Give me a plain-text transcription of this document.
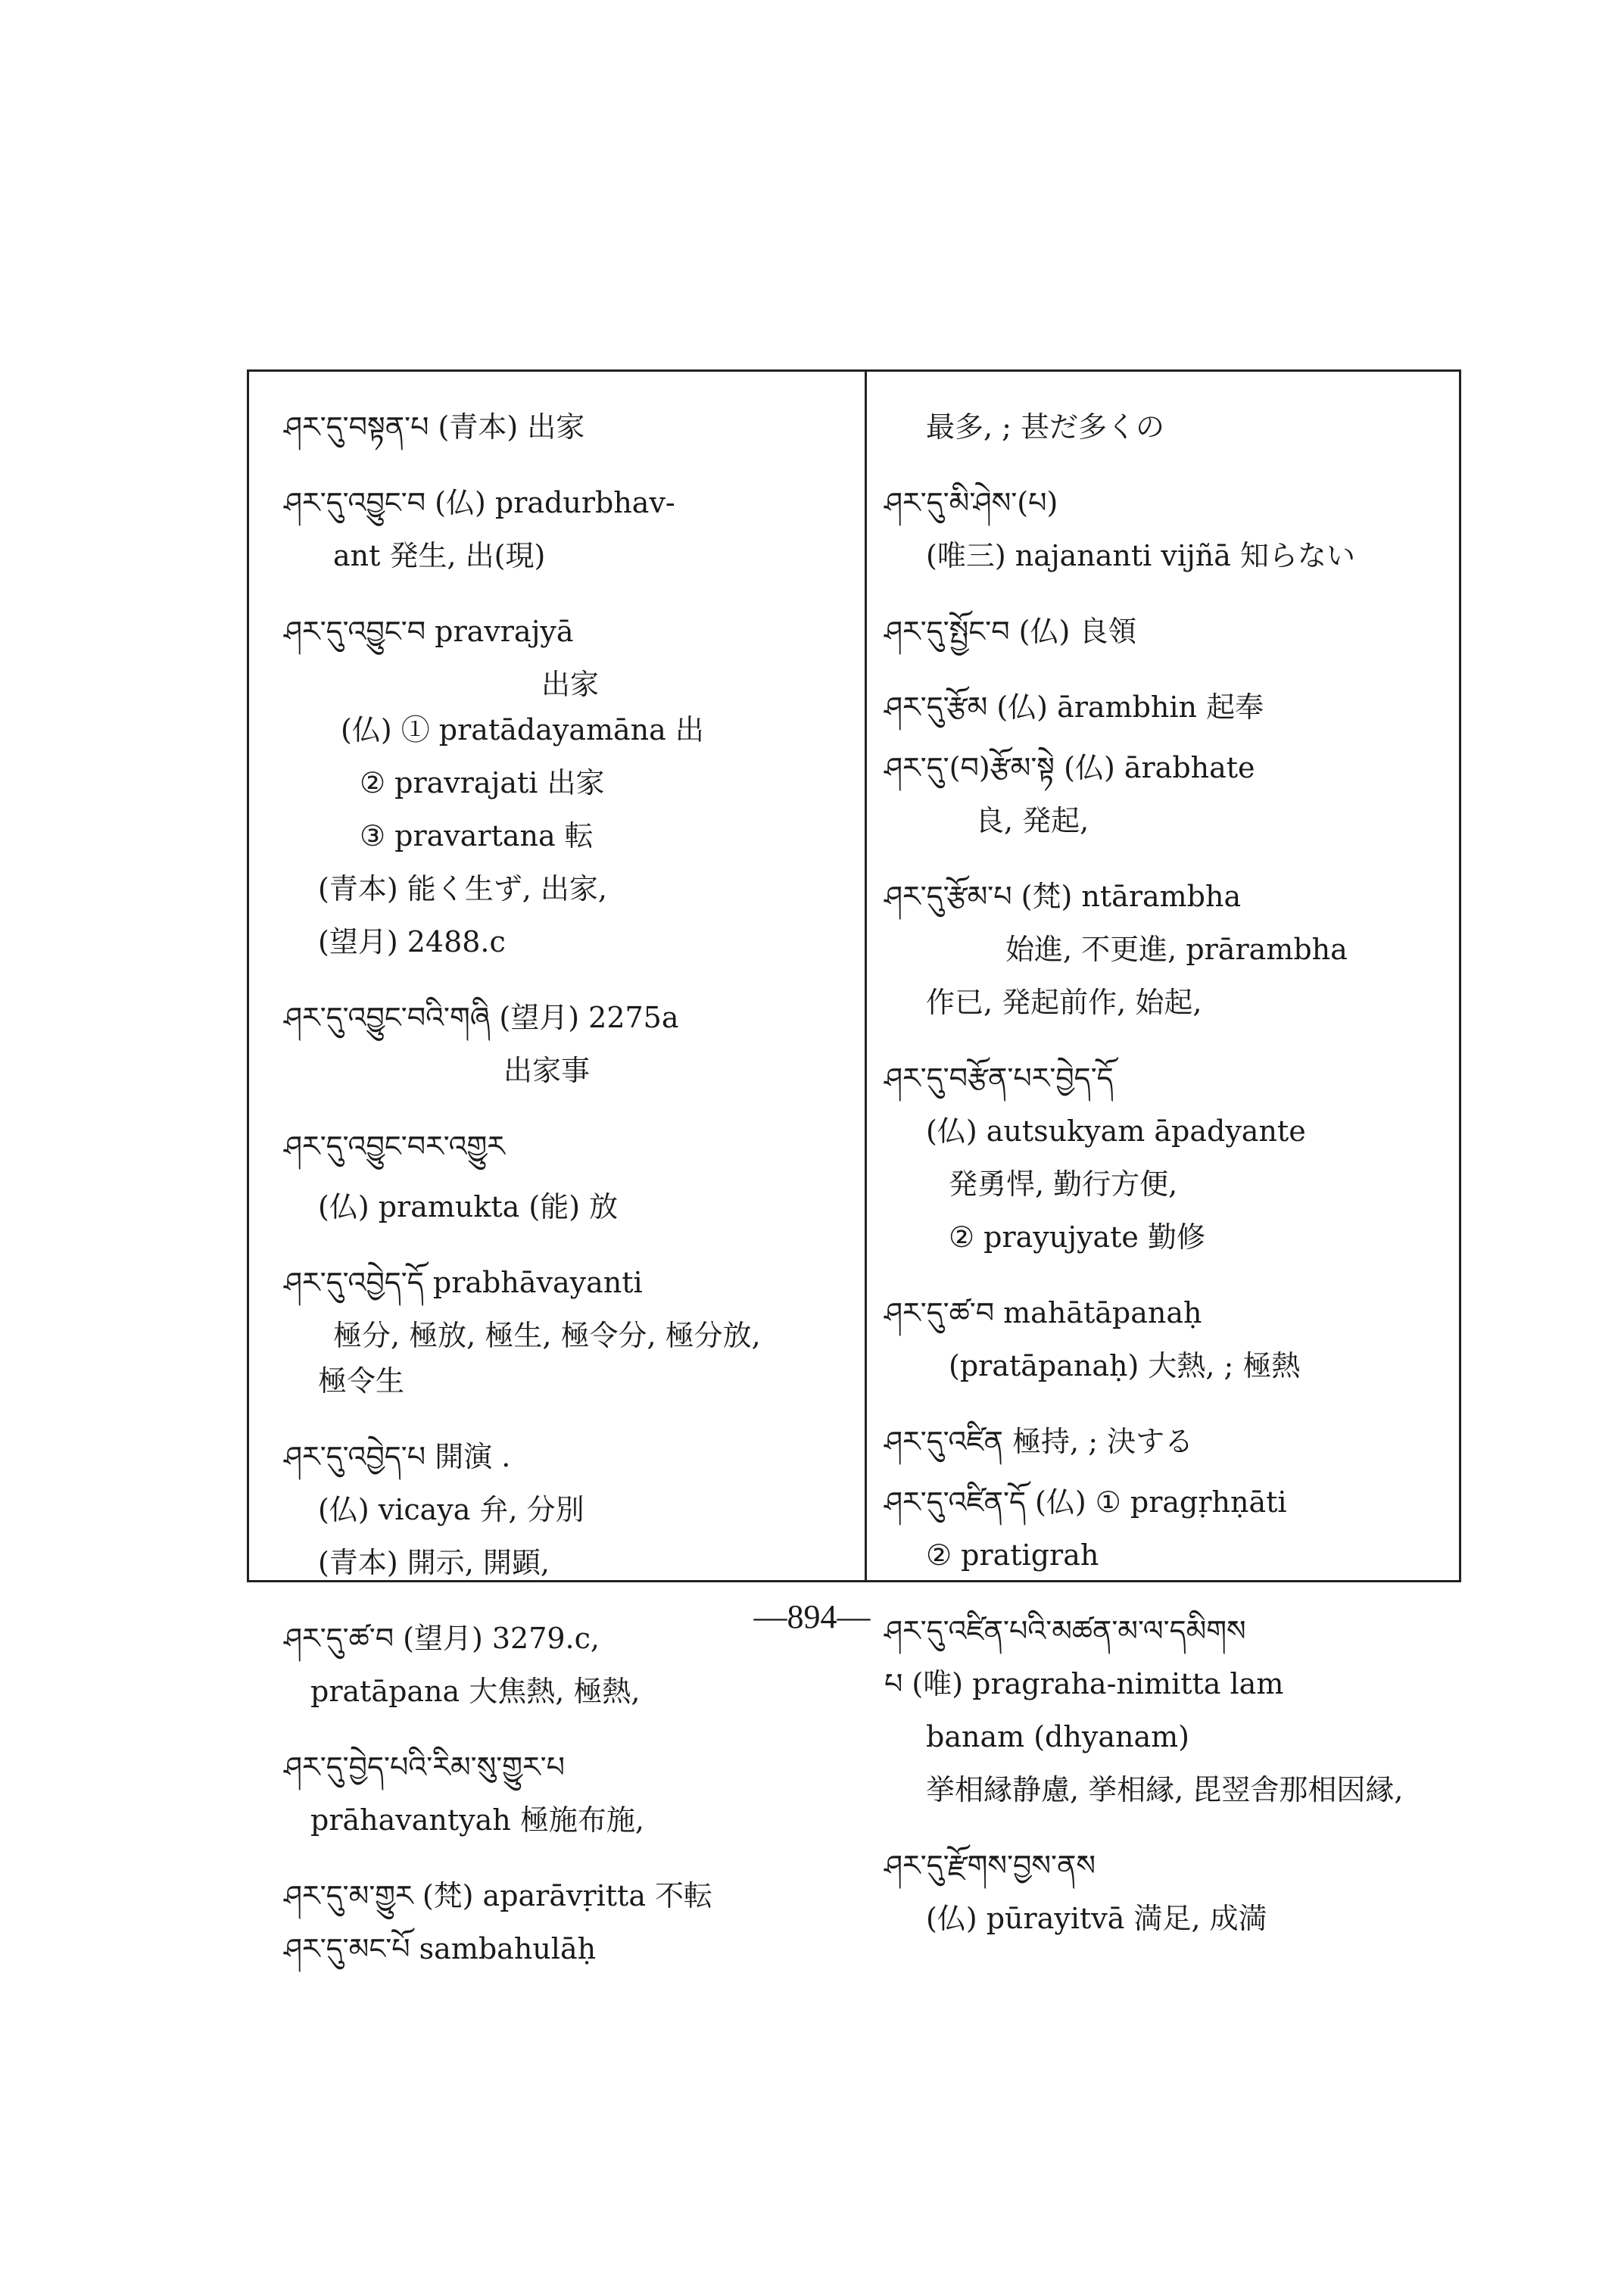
ཤར་དུ་བསྟན་པ (青本) 出家
ཤར་དུ་འབྱུང་བ (仏) pradurbhav-
ant 発生, 出(現)
ཤར་དུ་འབྱུང་བ pravrajyā
出家
(仏) ① pratādayamāna 出
② pravrajati 出家
③ pravartana 転
(青本) 能く生ず, 出家,
(望月) 2488.c
ཤར་དུ་འབྱུང་བའི་གཞི (望月) 2275a
出家事
ཤར་དུ་འབྱུང་བར་འགྱུར
(仏) pramukta (能) 放
ཤར་དུ་འབྱེད་དོ prabhāvayanti
極分, 極放, 極生, 極令分, 極分放,
極令生
ཤར་དུ་འབྱེད་པ 開演 .
(仏) vicaya 弁, 分別
(青本) 開示, 開顕,
ཤར་དུ་ཚ་བ (望月) 3279.c,
pratāpana 大焦熱, 極熱,
ཤར་དུ་བྱེད་པའི་རིམ་སུ་གྱུར་པ
prāhavantyah 極施布施,
ཤར་དུ་མ་གྱུར (梵) aparāvṛitta 不転
ཤར་དུ་མང་པོ sambahulāḥ
最多, ; 甚だ多くの
ཤར་དུ་མི་ཤེས་(པ)
(唯三) najananti vijñā 知らない
ཤར་དུ་སྤྱོང་བ (仏) 良領
ཤར་དུ་རྩོམ (仏) ārambhin 起奉
ཤར་དུ་(བ)རྩོམ་སྟེ (仏) ārabhate
良, 発起,
ཤར་དུ་རྩོམ་པ (梵) ntārambha
始進, 不更進, prārambha
作已, 発起前作, 始起,
ཤར་དུ་བརྩོན་པར་བྱེད་དོ
(仏) autsukyam āpadyante
発勇悍, 勤行方便,
② prayujyate 勤修
ཤར་དུ་ཚ་བ mahātāpanaḥ
(pratāpanaḥ) 大熱, ; 極熱
ཤར་དུ་འཛིན 極持, ; 決する
ཤར་དུ་འཛིན་དོ (仏) ① pragṛhṇāti
② pratigrah
ཤར་དུ་འཛིན་པའི་མཚན་མ་ལ་དམིགས
པ (唯) pragraha-nimitta lam
banam (dhyanam)
挙相縁静慮, 挙相縁, 毘翌舎那相因縁,
ཤར་དུ་རྫོགས་བྱས་ནས
(仏) pūrayitvā 満足, 成満
—894—
